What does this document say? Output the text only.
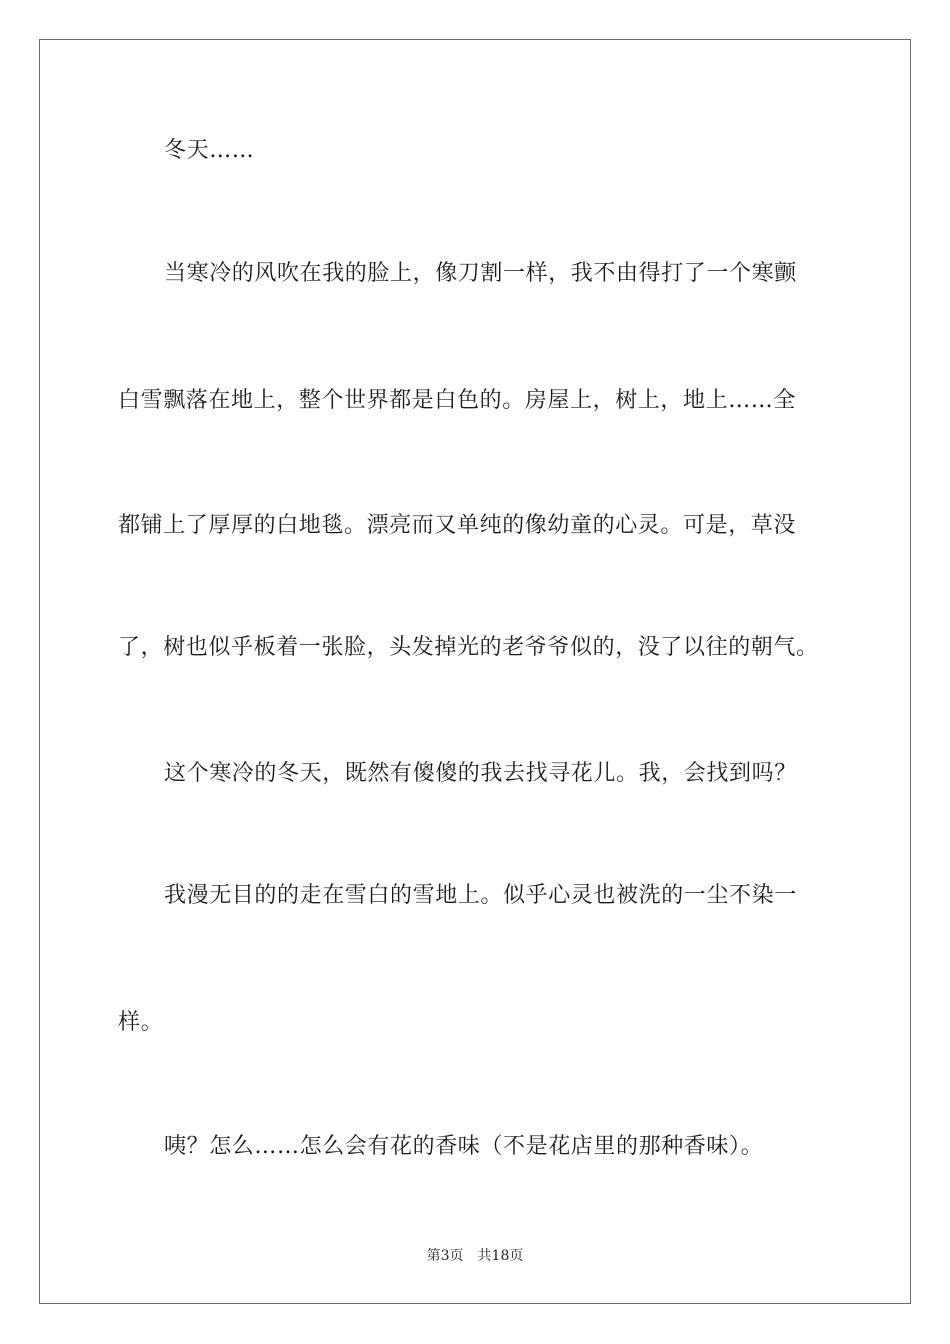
冬天……
当寒冷的风吹在我的脸上，像刀割一样，我不由得打了一个寒颤
白雪飘落在地上，整个世界都是白色的。房屋上，树上，地上……全
都铺上了厚厚的白地毯。漂亮而又单纯的像幼童的心灵。可是，草没
了，树也似乎板着一张脸，头发掉光的老爷爷似的，没了以往的朝气。
这个寒冷的冬天，既然有傻傻的我去找寻花儿。我，会找到吗？
我漫无目的的走在雪白的雪地上。似乎心灵也被洗的一尘不染一
样。
咦？怎么……怎么会有花的香味（不是花店里的那种香味）。
第3页 共18页
